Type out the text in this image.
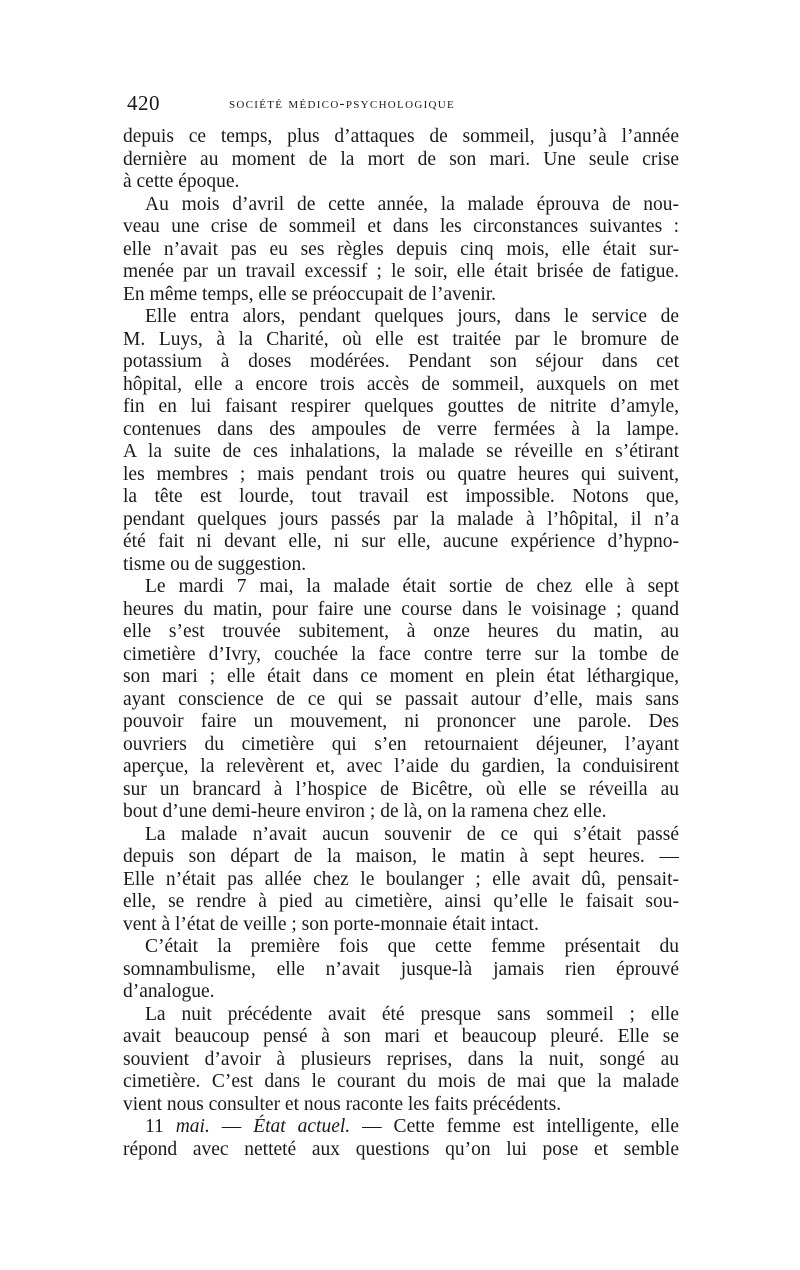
420	société médico-psychologique
depuis ce temps, plus d’attaques de sommeil, jusqu’à l’année
dernière au moment de la mort de son mari. Une seule crise
à cette époque.
Au mois d’avril de cette année, la malade éprouva de nou-
veau une crise de sommeil et dans les circonstances suivantes :
elle n’avait pas eu ses règles depuis cinq mois, elle était sur-
menée par un travail excessif ; le soir, elle était brisée de fatigue.
En même temps, elle se préoccupait de l’avenir.
Elle entra alors, pendant quelques jours, dans le service de
M. Luys, à la Charité, où elle est traitée par le bromure de
potassium à doses modérées. Pendant son séjour dans cet
hôpital, elle a encore trois accès de sommeil, auxquels on met
fin en lui faisant respirer quelques gouttes de nitrite d’amyle,
contenues dans des ampoules de verre fermées à la lampe.
A la suite de ces inhalations, la malade se réveille en s’étirant
les membres ; mais pendant trois ou quatre heures qui suivent,
la tête est lourde, tout travail est impossible. Notons que,
pendant quelques jours passés par la malade à l’hôpital, il n’a
été fait ni devant elle, ni sur elle, aucune expérience d’hypno-
tisme ou de suggestion.
Le mardi 7 mai, la malade était sortie de chez elle à sept
heures du matin, pour faire une course dans le voisinage ; quand
elle s’est trouvée subitement, à onze heures du matin, au
cimetière d’Ivry, couchée la face contre terre sur la tombe de
son mari ; elle était dans ce moment en plein état léthargique,
ayant conscience de ce qui se passait autour d’elle, mais sans
pouvoir faire un mouvement, ni prononcer une parole. Des
ouvriers du cimetière qui s’en retournaient déjeuner, l’ayant
aperçue, la relevèrent et, avec l’aide du gardien, la conduisirent
sur un brancard à l’hospice de Bicêtre, où elle se réveilla au
bout d’une demi-heure environ ; de là, on la ramena chez elle.
La malade n’avait aucun souvenir de ce qui s’était passé
depuis son départ de la maison, le matin à sept heures. —
Elle n’était pas allée chez le boulanger ; elle avait dû, pensait-
elle, se rendre à pied au cimetière, ainsi qu’elle le faisait sou-
vent à l’état de veille ; son porte-monnaie était intact.
C’était la première fois que cette femme présentait du
somnambulisme, elle n’avait jusque-là jamais rien éprouvé
d’analogue.
La nuit précédente avait été presque sans sommeil ; elle
avait beaucoup pensé à son mari et beaucoup pleuré. Elle se
souvient d’avoir à plusieurs reprises, dans la nuit, songé au
cimetière. C’est dans le courant du mois de mai que la malade
vient nous consulter et nous raconte les faits précédents.
11 mai. — État actuel. — Cette femme est intelligente, elle
répond avec netteté aux questions qu’on lui pose et semble
